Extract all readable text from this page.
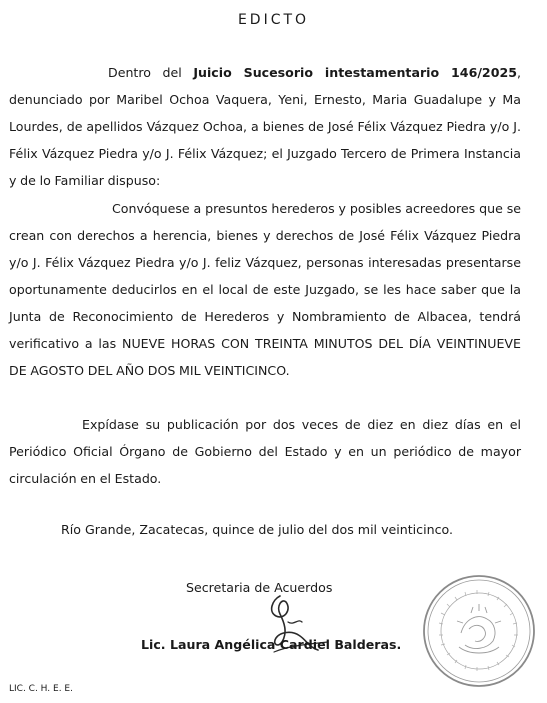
EDICTO
Dentro del Juicio Sucesorio intestamentario 146/2025, denunciado por Maribel Ochoa Vaquera, Yeni, Ernesto, Maria Guadalupe y Ma Lourdes, de apellidos Vázquez Ochoa, a bienes de José Félix Vázquez Piedra y/o J. Félix Vázquez Piedra y/o J. Félix Vázquez; el Juzgado Tercero de Primera Instancia y de lo Familiar dispuso:
Convóquese a presuntos herederos y posibles acreedores que se crean con derechos a herencia, bienes y derechos de José Félix Vázquez Piedra y/o J. Félix Vázquez Piedra y/o J. feliz Vázquez, personas interesadas presentarse oportunamente deducirlos en el local de este Juzgado, se les hace saber que la Junta de Reconocimiento de Herederos y Nombramiento de Albacea, tendrá verificativo a las NUEVE HORAS CON TREINTA MINUTOS DEL DÍA VEINTINUEVE DE AGOSTO DEL AÑO DOS MIL VEINTICINCO.
Expídase su publicación por dos veces de diez en diez días en el Periódico Oficial Órgano de Gobierno del Estado y en un periódico de mayor circulación en el Estado.
Río Grande, Zacatecas, quince de julio del dos mil veinticinco.
Secretaria de Acuerdos
Lic. Laura Angélica Cardiel Balderas.
LIC. C. H. E. E.
